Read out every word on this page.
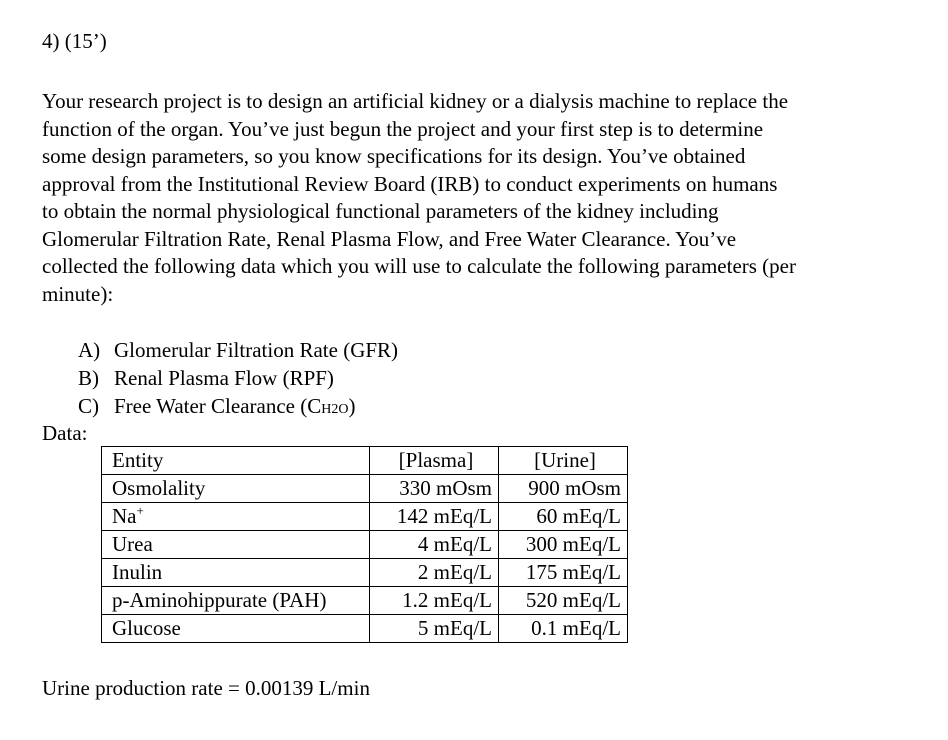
4) (15’)
Your research project is to design an artificial kidney or a dialysis machine to replace the
function of the organ. You’ve just begun the project and your first step is to determine
some design parameters, so you know specifications for its design. You’ve obtained
approval from the Institutional Review Board (IRB) to conduct experiments on humans
to obtain the normal physiological functional parameters of the kidney including
Glomerular Filtration Rate, Renal Plasma Flow, and Free Water Clearance. You’ve
collected the following data which you will use to calculate the following parameters (per
minute):
A) Glomerular Filtration Rate (GFR)
B) Renal Plasma Flow (RPF)
C) Free Water Clearance (CH2O)
Data:
Entity	[Plasma]	[Urine]
Osmolality	330 mOsm	900 mOsm
Na+	142 mEq/L	60 mEq/L
Urea	4 mEq/L	300 mEq/L
Inulin	2 mEq/L	175 mEq/L
p-Aminohippurate (PAH)	1.2 mEq/L	520 mEq/L
Glucose	5 mEq/L	0.1 mEq/L
Urine production rate = 0.00139 L/min
